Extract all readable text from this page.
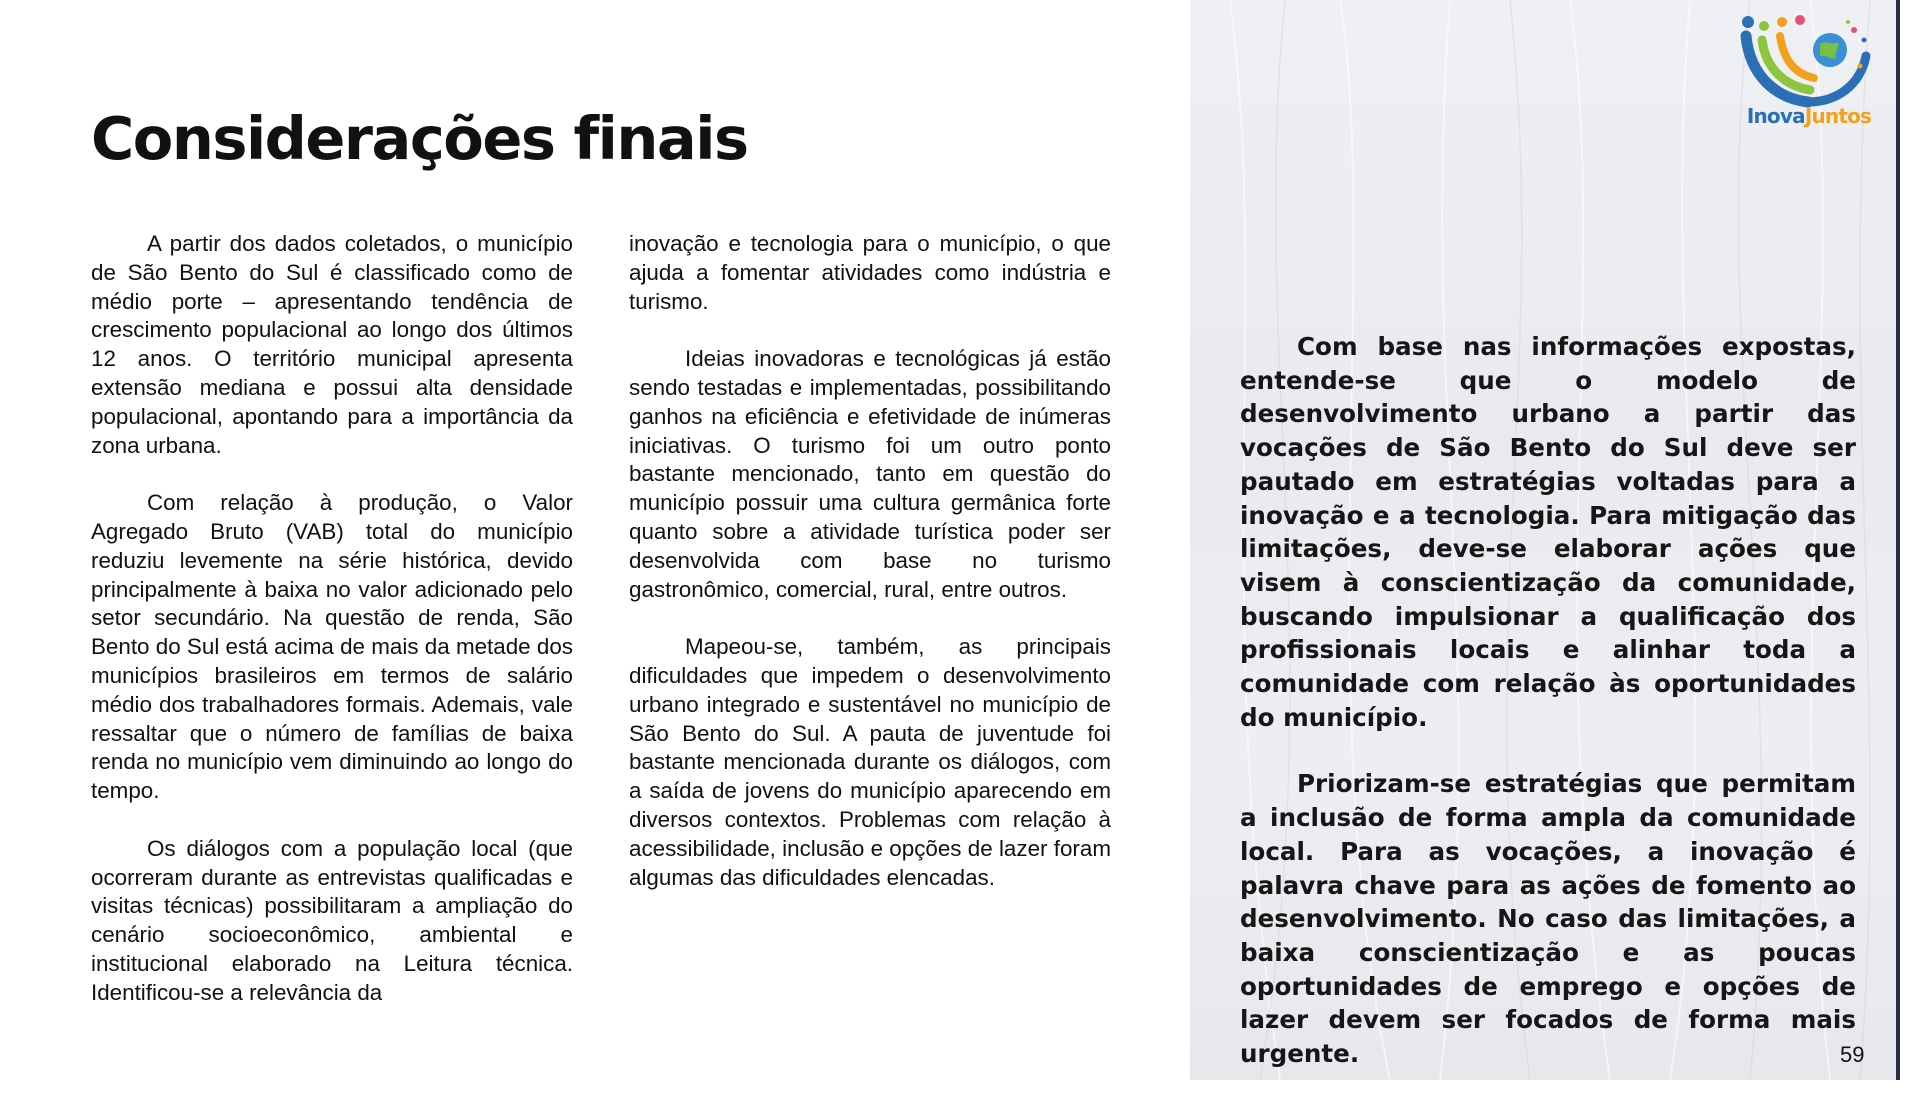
Considerações finais

A partir dos dados coletados, o município de São Bento do Sul é classificado como de médio porte – apresentando tendência de crescimento populacional ao longo dos últimos 12 anos. O território municipal apresenta extensão mediana e possui alta densidade populacional, apontando para a importância da zona urbana.

Com relação à produção, o Valor Agregado Bruto (VAB) total do município reduziu levemente na série histórica, devido principalmente à baixa no valor adicionado pelo setor secundário. Na questão de renda, São Bento do Sul está acima de mais da metade dos municípios brasileiros em termos de salário médio dos trabalhadores formais. Ademais, vale ressaltar que o número de famílias de baixa renda no município vem diminuindo ao longo do tempo.

Os diálogos com a população local (que ocorreram durante as entrevistas qualificadas e visitas técnicas) possibilitaram a ampliação do cenário socioeconômico, ambiental e institucional elaborado na Leitura técnica. Identificou-se a relevância da

inovação e tecnologia para o município, o que ajuda a fomentar atividades como indústria e turismo.

Ideias inovadoras e tecnológicas já estão sendo testadas e implementadas, possibilitando ganhos na eficiência e efetividade de inúmeras iniciativas. O turismo foi um outro ponto bastante mencionado, tanto em questão do município possuir uma cultura germânica forte quanto sobre a atividade turística poder ser desenvolvida com base no turismo gastronômico, comercial, rural, entre outros.

Mapeou-se, também, as principais dificuldades que impedem o desenvolvimento urbano integrado e sustentável no município de São Bento do Sul. A pauta de juventude foi bastante mencionada durante os diálogos, com a saída de jovens do município aparecendo em diversos contextos. Problemas com relação à acessibilidade, inclusão e opções de lazer foram algumas das dificuldades elencadas.

InovaJuntos

Com base nas informações expostas, entende-se que o modelo de desenvolvimento urbano a partir das vocações de São Bento do Sul deve ser pautado em estratégias voltadas para a inovação e a tecnologia. Para mitigação das limitações, deve-se elaborar ações que visem à conscientização da comunidade, buscando impulsionar a qualificação dos profissionais locais e alinhar toda a comunidade com relação às oportunidades do município.

Priorizam-se estratégias que permitam a inclusão de forma ampla da comunidade local. Para as vocações, a inovação é palavra chave para as ações de fomento ao desenvolvimento. No caso das limitações, a baixa conscientização e as poucas oportunidades de emprego e opções de lazer devem ser focados de forma mais urgente.	59
